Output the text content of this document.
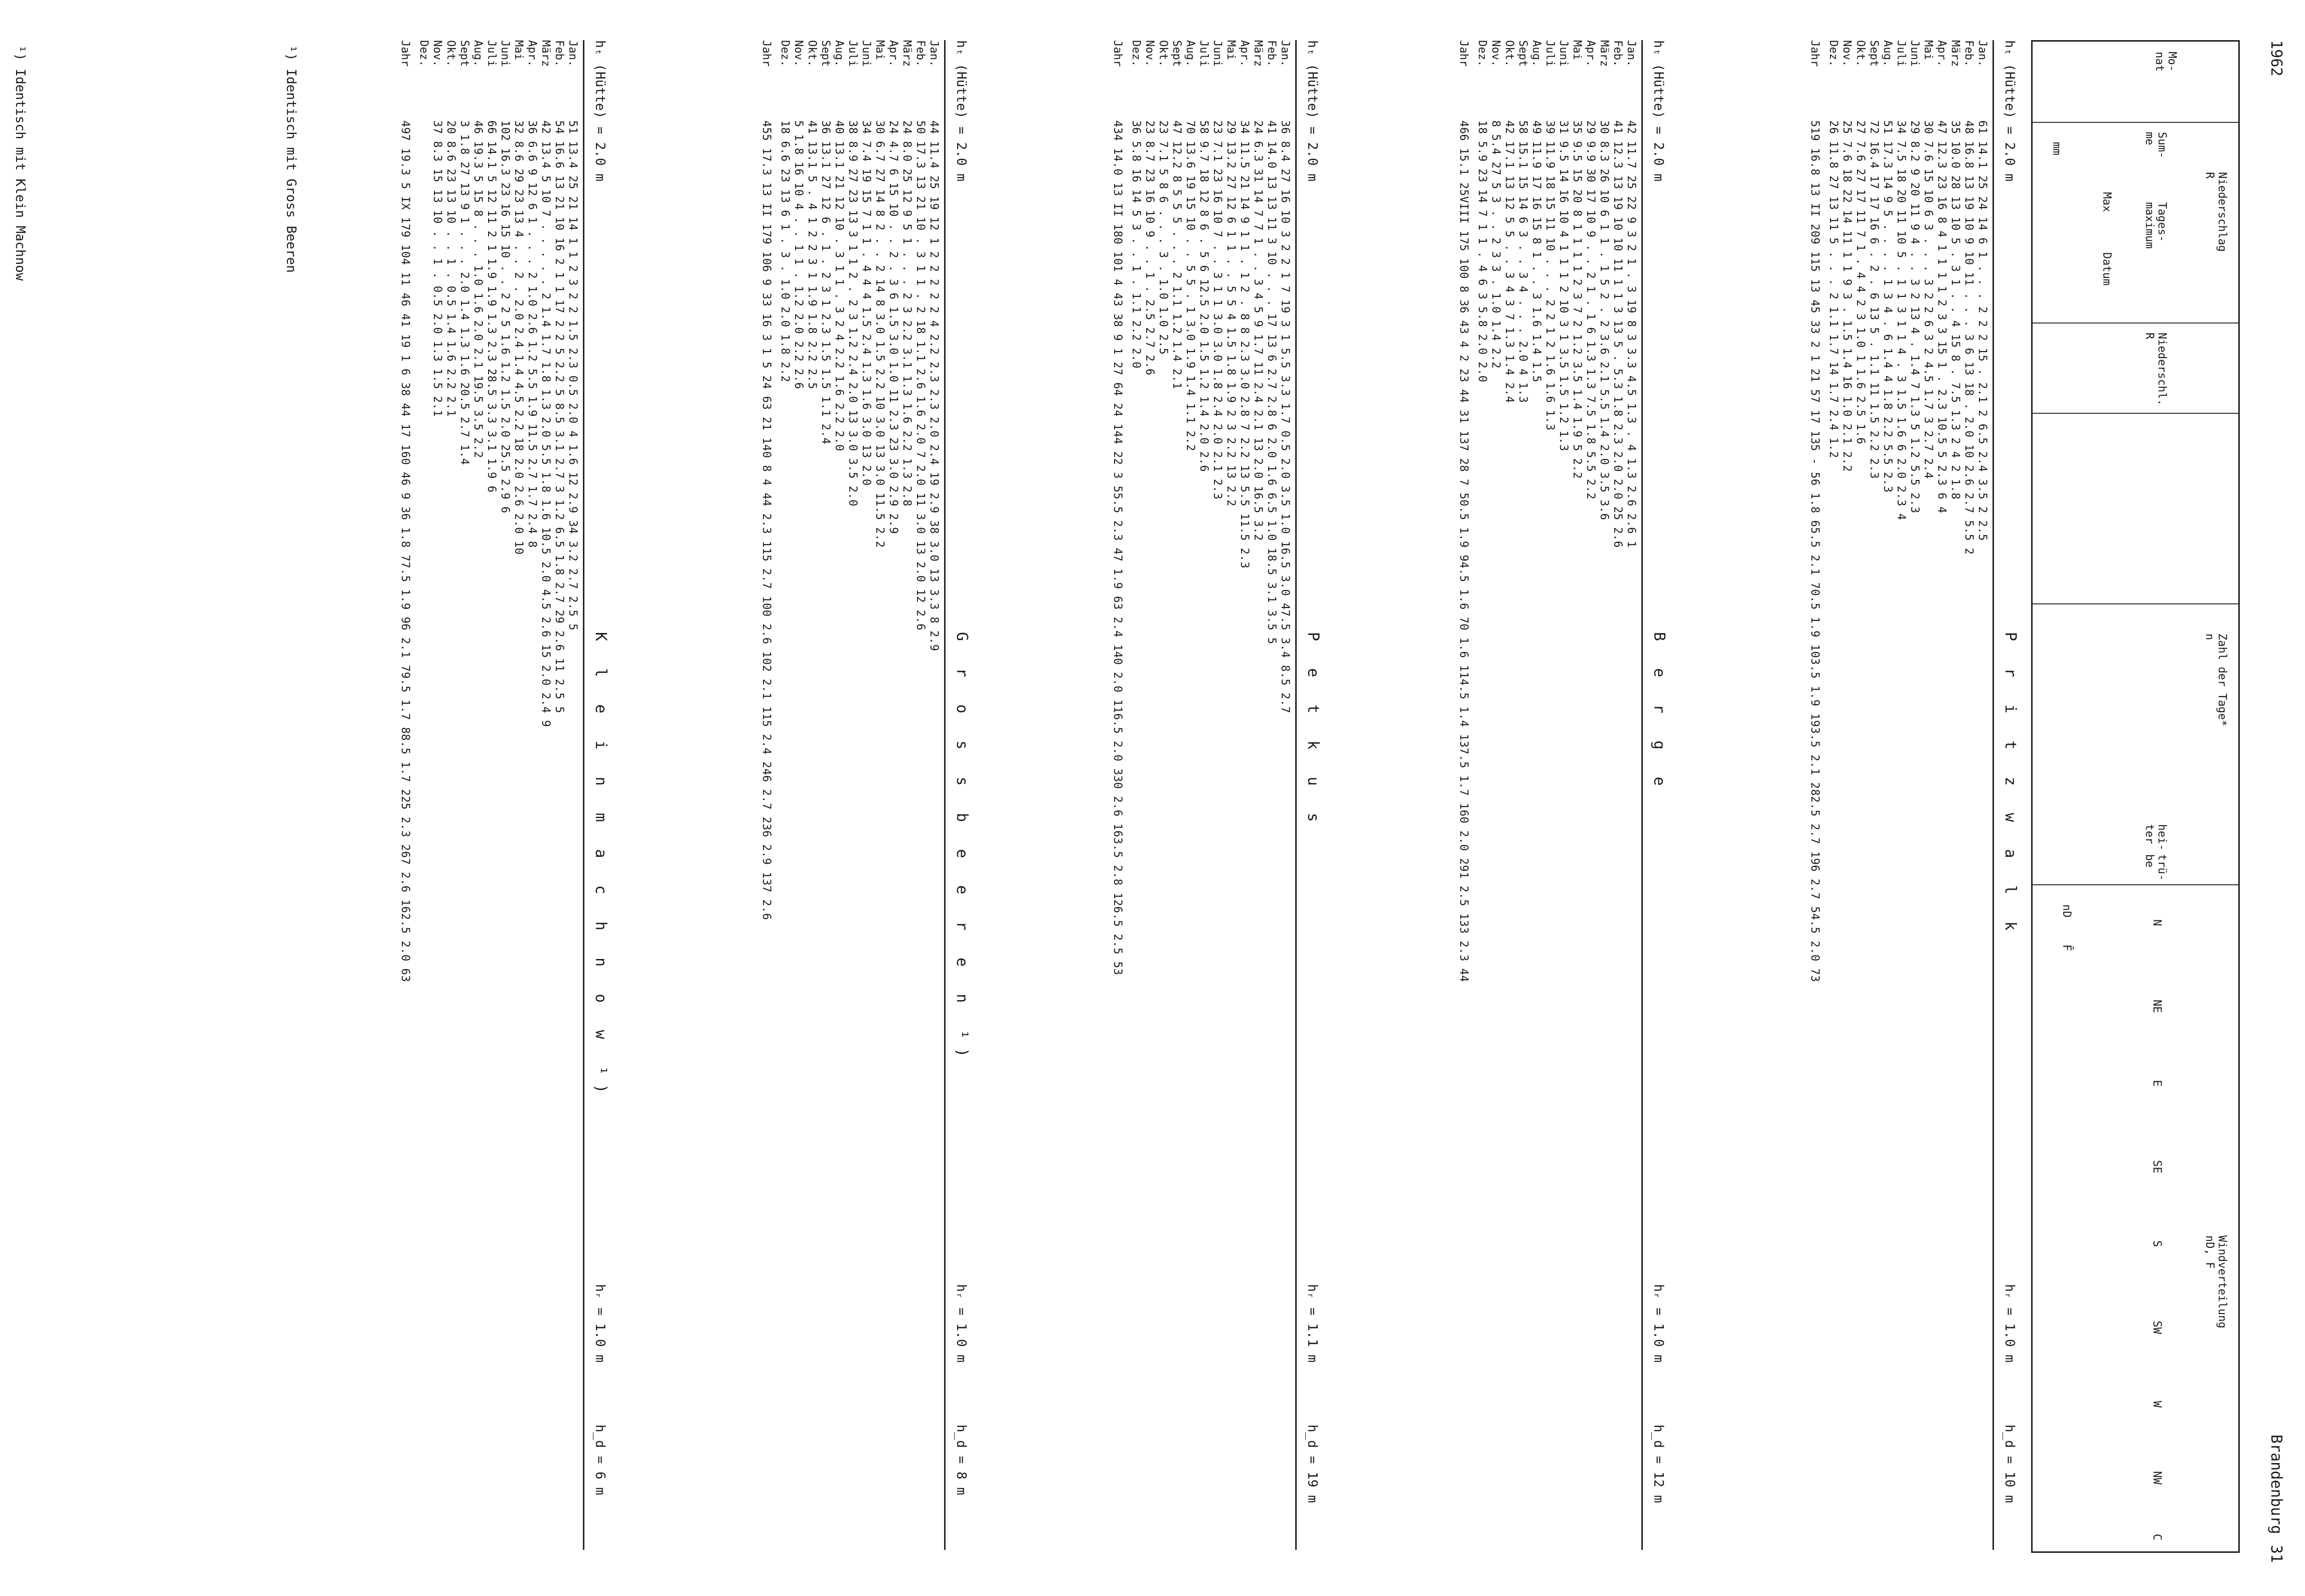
1962
Brandenburg
31
Mo-
nat
Niederschlag
R
Sum-
me
Tages-
maximum
Max
Datum
mm
Niederschl.
R
Zahl der Tage*
n
hei-
ter
trü-
be
Windverteilung
nD, F
N
NE
E
SE
S
SW
W
NW
C
nD
F̄
hₜ (Hütte) = 2.0 m
P r i t z w a l k
hᵣ = 1.0 m
h_d = 10 m
Jan.
61 14.1 25 24 14 6 1 . . . 2 2 2 15 . 2.1 2 6.5 2.4 3.5 2 2.5
Feb.
48 16.8 13 19 10 9 10 11 . . . 3 6 13 18 . 2.0 10 2.6 2.7 5.5 2
März
35 10.0 28 13 10 5 . 3 1 . . 4 15 8 . 7.5 1.3 2 4 2 1.8
Apr.
47 12.3 23 16 8 4 1 1 1 1 2 3 3 15 1 . 2.3 10.5 5 2.3 6 4
Mai
30 7.6 15 10 6 3 . . . 3 2 2 6 3 2 4.5 1.7 3 2.7 2.4
Juni
29 8.2 9 20 11 9 4 . . 3 2 13 4 . 1.4 7 1.3 5 1.2 5.5 2.3
Juli
34 7.5 18 20 11 10 5 . 1 1 3 1 1 4 . 3 1.5 1.6 6 2.0 2.3 4
Aug.
51 17.3 14 9 5 . . . . 1 3 4 . 6 1.4 4 1.8 2.2 5.5 2.3
Sept
72 16.4 17 17 16 6 . 2 . 6 13 5 . 1.1 11 1.5 2.2 2.3
Okt.
27 7.6 27 17 11 7 1 . 4 4 2 3 1.0 1 1.6 2.5 1.6
Nov.
25 7.6 18 22 14 11 1 1 9 3 . 1.5 1.4 16 1.0 2.1 2.2
Dez.
26 11.8 27 13 11 5 . . . 2 1.1 1.7 14 1.7 2.4 1.2
Jahr
519 16.8 13 II 209 115 13 45 33 2 1 21 57 17 135 - 56 1.8 65.5 2.1 70.5 1.9 103.5 1.9 193.5 2.1 282.5 2.7 196 2.7 54.5 2.0 73
hₜ (Hütte) = 2.0 m
B e r g e
hᵣ = 1.0 m
h_d = 12 m
Jan.
42 11.7 25 22 9 3 2 1 . 3 19 8 3 3.3 4.5 1.3 . 4 1.3 2.6 2.6 1
Feb.
41 12.3 13 19 10 10 11 1 1 3 13 5 . 5.3 1.8 2.3 2.0 2.0 25 2.6
März
30 8.3 26 10 6 1 1 . 1 5 2 . 2 3.6 2.1 5.5 1.4 2.0 3.5 3.6
Apr.
29 9.9 30 17 10 9 . . 2 1 . 1 6 1.3 1.3 7.5 1.8 5.5 2.2
Mai
35 9.5 15 20 8 1 1 1 1 2 3 7 2 1.2 3.5 1.4 1.9 5 2.2
Juni
31 9.5 14 16 10 4 1 1 1 2 10 3 1 3.5 1.5 1.2 1.3
Juli
39 11.9 18 15 11 10 . . . 2 2 1 2 1.6 1.6 1.3
Aug.
49 11.9 17 16 15 8 1 . . 3 1.6 1.4 1.5
Sept
58 15.1 15 14 6 3 . . 3 4 . . . 2.0 4 1.3
Okt.
42 17.1 13 12 5 5 . . 3 4 3 7 1.3 1.4 2.4
Nov.
8 5.4 27 5 3 . . 2 3 3 . 1.0 1.4 2.2
Dez.
18 5.9 23 14 7 1 1 . 4 6 3 5.8 2.0 2.0
Jahr
466 15.1 25VIII 175 100 8 36 43 4 2 23 44 31 137 28 7 50.5 1.9 94.5 1.6 70 1.6 114.5 1.4 137.5 1.7 160 2.0 291 2.5 133 2.3 44
hₜ (Hütte) = 2.0 m
P e t k u s
hᵣ = 1.1 m
h_d = 19 m
Jan.
36 8.4 27 16 10 3 2 2 1 7 19 3 1 5.5 3.3 1.7 0.5 2.0 3.5 1.0 16.5 3.0 47.5 3.4 8.5 2.7
Feb.
41 14.0 13 13 11 3 10 . . . 17 13 6 2.7 2.8 6 2.0 1.6 6.5 1.0 18.5 3.1 3.5 5
März
24 6.3 31 14 7 7 1 . . 3 4 5 9 1.7 11 2.4 2.1 13 2.0 16.5 3.2
Apr.
34 11.5 21 14 9 1 1 . 1 2 . 8 8 2.3 3.0 2.8 7 2.2 13 5.5 11.5 2.3
Mai
29 13.2 27 12 6 1 1 . . 5 5 4 1.5 1.8 1.9 2 3 2.2 13 2.2
Juni
23 7.1 23 16 10 7 . . 3 1 1 3.0 3.0 1.8 2.4 2.0 2.1 2.3
Juli
58 9.7 18 12 8 6 . 5 6 12.5 2.0 1.5 1.2 1.4 2.0 2.6
Aug.
70 13.6 19 15 10 . . 5 5 . 1 3.0 1.9 1.4 1.1 2.2
Sept
47 12.2 8 5 5 5 . . . 2 1.1 1.2 1.4 2.1
Okt.
23 7.1 5 8 6 . . . 3 . 1.0 1.0 2.5
Nov.
23 8.7 23 16 10 9 . . 1 . 2.5 2.7 2.6
Dez.
36 5.8 16 14 5 3 . . 1 . 1.1 2.2 2.0
Jahr
434 14.0 13 II 180 101 4 43 38 9 1 27 64 24 144 22 3 55.5 2.3 47 1.9 63 2.4 140 2.0 116.5 2.0 330 2.6 163.5 2.8 126.5 2.5 53
hₜ (Hütte) = 2.0 m
G r o s s b e e r e n ¹)
hᵣ = 1.0 m
h_d = 8 m
Jan.
44 11.4 25 19 12 1 2 2 2 2 2 4 2.2 2.3 2.3 2.0 2.4 19 2.9 38 3.0 13 3.3 8 2.9
Feb.
50 17.3 13 21 10 . 3 1 1 . 2 18 1.1 2.6 1.6 2.0 7 2.0 11 3.0 13 2.0 12 2.6
März
24 8.0 25 12 9 5 1 . . . 2 3 2.2 3.1 1.3 1.6 2.2 1.3 2.8
Apr.
24 4.7 6 15 10 . . 2 . 3 6 1.5 3.0 1.0 11 2.3 23 3.0 2.9 2.9
Mai
30 6.7 27 14 8 2 . . 2 14 8 3.0 1.5 2.2 10 3.0 13 3.0 11.5 2.2
Juni
34 7.4 19 15 7 1 1 . 4 4 4 1.5 2.4 1.3 1.6 3.0 13 2.0
Juli
38 8.9 27 23 13 3 1 1 2 . 2 3 1.2 2.4 2.0 13 3.0 3.5 2.0
Aug.
40 13.1 21 12 10 . 3 1 1 . 3 2 4 2.2 1.6 2.2 2.0
Sept
36 13.1 27 12 6 . 1 . 2 3 1 2.3 1.5 1.5 1.1 2.4
Okt.
41 13.1 5 . 4 1 2 2 3 1 1.9 1.8 2.2 2.5
Nov.
5 1.8 16 10 4 . . 1 1 . 1.2 2.0 2.2 2.6
Dez.
18 6.6 23 13 6 1 . 3 . 1.0 2.0 1.8 2.2
Jahr
455 17.3 13 II 179 106 9 33 16 3 1 5 24 63 21 140 8 4 44 2.3 115 2.7 100 2.6 102 2.1 115 2.4 246 2.7 236 2.9 137 2.6
hₜ (Hütte) = 2.0 m
K l e i n m a c h n o w ¹)
hᵣ = 1.0 m
h_d = 6 m
Jan.
51 13.4 25 21 14 1 1 2 3 2 2 1.5 2.3 0.5 2.0 4 1.6 12 2.9 34 3.2 2.7 2.5 5
Feb.
54 16.6 13 21 10 16 2 1 1 17 2 2 5 2.2 5 8.5 3.1 2.7 3 1.2 6.5 1.8 2.7 29 2.6 11 2.5 5
März
42 13.4 5 10 7 . . . . . 2 1.4 1.7 1.8 1.3 2.0 5.5 1.8 1.6 10.5 2.0 4.5 2.6 15 2.0 2.4 9
Apr.
36 6.6 9 12 6 1 . . . 2 1.0 2.6 1.2 5.5 1.9 11.5 2.7 1.7 2.4 8
Mai
32 8.6 29 23 13 4 . . 2 . 2.0 2.4 1.4 4.5 2.2 18 2.0 2.6 2.0 10
Juni
102 16.3 23 16 15 10 . . 2 2 5 1.6 1.2 1.5 2.0 25.5 2.9 6
Juli
66 14.1 5 12 11 2 1 1.9 1.9 1.3 2.3 28.5 3.3 3.1 1.9 6
Aug.
46 19.3 5 15 8 . . . 1.0 1.6 2.0 2.1 19.5 3.5 2.2
Sept
3 1.8 27 13 9 1 . . . 2.0 1.4 1.3 1.6 20.5 2.7 1.4
Okt.
20 8.6 23 13 10 . . 1 . 0.5 1.4 1.6 2.2 2.1
Nov.
37 8.3 15 13 10 . . 1 . 0.5 2.0 1.3 1.5 2.1
Dez.
Jahr
497 19.3 5 IX 179 104 11 46 41 19 1 6 38 44 17 160 46 9 36 1.8 77.5 1.9 96 2.1 79.5 1.7 88.5 1.7 225 2.3 267 2.6 162.5 2.0 63
¹) Identisch mit Gross Beeren
¹) Identisch mit Klein Machnow
